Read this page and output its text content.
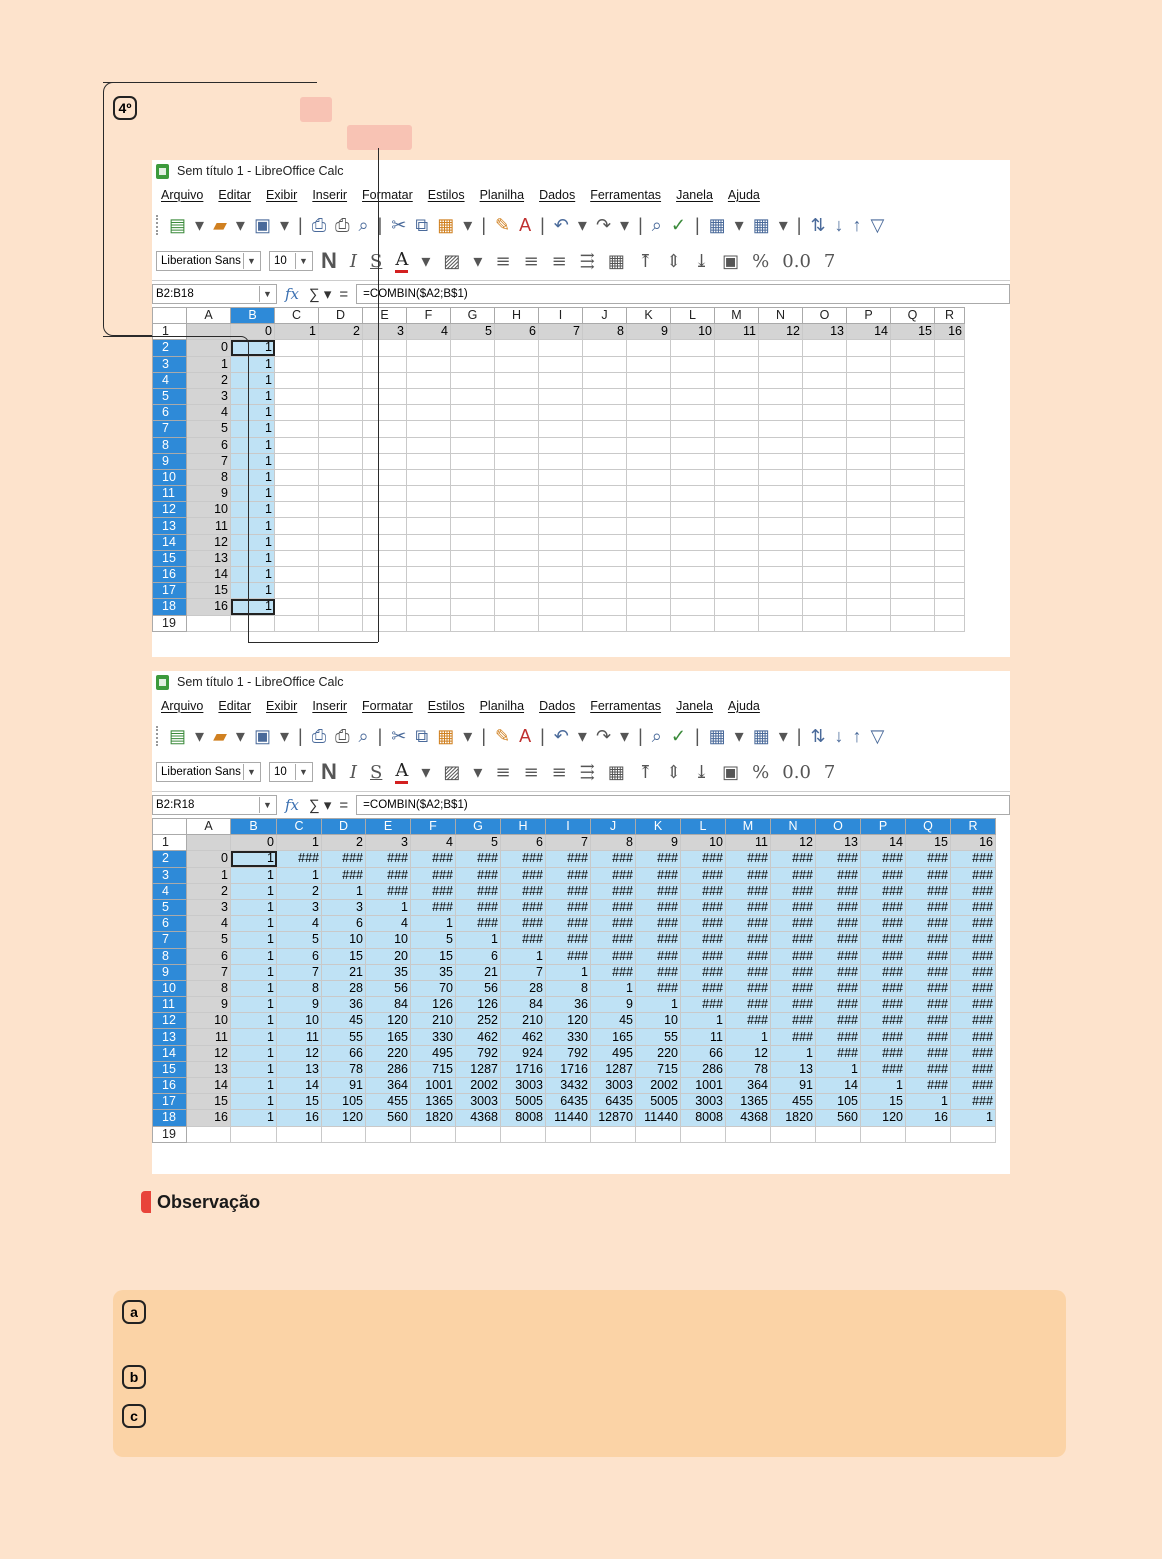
4º
Sem título 1 - LibreOffice Calc
Arquivo Editar Exibir Inserir Formatar Estilos Planilha Dados Ferramentas Janela Ajuda
▤ ▾ ▰ ▾ ▣ ▾ | ⎙ ⎙ ⌕ | ✂ ⧉ ▦ ▾ | ✎ A | ↶ ▾ ↷ ▾ | ⌕ ✓ | ▦ ▾ ▦ ▾ | ⇅ ↓ ↑ ▽
Liberation Sans ▼ 10	▼ N I S A ▾ ▨ ▾ ≡ ≡ ≡ ⇶ ▦ ⤒ ⇕ ⤓ ▣ % 0.0 7
B2:B18	▼ fx ∑ ▾ = =COMBIN($A2;B$1)
	A	B	C	D	E	F	G	H	I	J	K	L	M	N	O	P	Q	R	
1		0	1	2	3	4	5	6	7	8	9	10	11	12	13	14	15	16	
2	0	1																	
3	1	1																	
4	2	1																	
5	3	1																	
6	4	1																	
7	5	1																	
8	6	1																	
9	7	1																	
10	8	1																	
11	9	1																	
12	10	1																	
13	11	1																	
14	12	1																	
15	13	1																	
16	14	1																	
17	15	1																	
18	16	1																	
19																			
Sem título 1 - LibreOffice Calc
Arquivo Editar Exibir Inserir Formatar Estilos Planilha Dados Ferramentas Janela Ajuda
▤ ▾ ▰ ▾ ▣ ▾ | ⎙ ⎙ ⌕ | ✂ ⧉ ▦ ▾ | ✎ A | ↶ ▾ ↷ ▾ | ⌕ ✓ | ▦ ▾ ▦ ▾ | ⇅ ↓ ↑ ▽
Liberation Sans ▼ 10	▼ N I S A ▾ ▨ ▾ ≡ ≡ ≡ ⇶ ▦ ⤒ ⇕ ⤓ ▣ % 0.0 7
B2:R18	▼ fx ∑ ▾ = =COMBIN($A2;B$1)
	A	B	C	D	E	F	G	H	I	J	K	L	M	N	O	P	Q	R
1		0	1	2	3	4	5	6	7	8	9	10	11	12	13	14	15	16
2	0	1	###	###	###	###	###	###	###	###	###	###	###	###	###	###	###	###
3	1	1	1	###	###	###	###	###	###	###	###	###	###	###	###	###	###	###
4	2	1	2	1	###	###	###	###	###	###	###	###	###	###	###	###	###	###
5	3	1	3	3	1	###	###	###	###	###	###	###	###	###	###	###	###	###
6	4	1	4	6	4	1	###	###	###	###	###	###	###	###	###	###	###	###
7	5	1	5	10	10	5	1	###	###	###	###	###	###	###	###	###	###	###
8	6	1	6	15	20	15	6	1	###	###	###	###	###	###	###	###	###	###
9	7	1	7	21	35	35	21	7	1	###	###	###	###	###	###	###	###	###
10	8	1	8	28	56	70	56	28	8	1	###	###	###	###	###	###	###	###
11	9	1	9	36	84	126	126	84	36	9	1	###	###	###	###	###	###	###
12	10	1	10	45	120	210	252	210	120	45	10	1	###	###	###	###	###	###
13	11	1	11	55	165	330	462	462	330	165	55	11	1	###	###	###	###	###
14	12	1	12	66	220	495	792	924	792	495	220	66	12	1	###	###	###	###
15	13	1	13	78	286	715	1287	1716	1716	1287	715	286	78	13	1	###	###	###
16	14	1	14	91	364	1001	2002	3003	3432	3003	2002	1001	364	91	14	1	###	###
17	15	1	15	105	455	1365	3003	5005	6435	6435	5005	3003	1365	455	105	15	1	###
18	16	1	16	120	560	1820	4368	8008	11440	12870	11440	8008	4368	1820	560	120	16	1
19																		
Observação
a
b
c
